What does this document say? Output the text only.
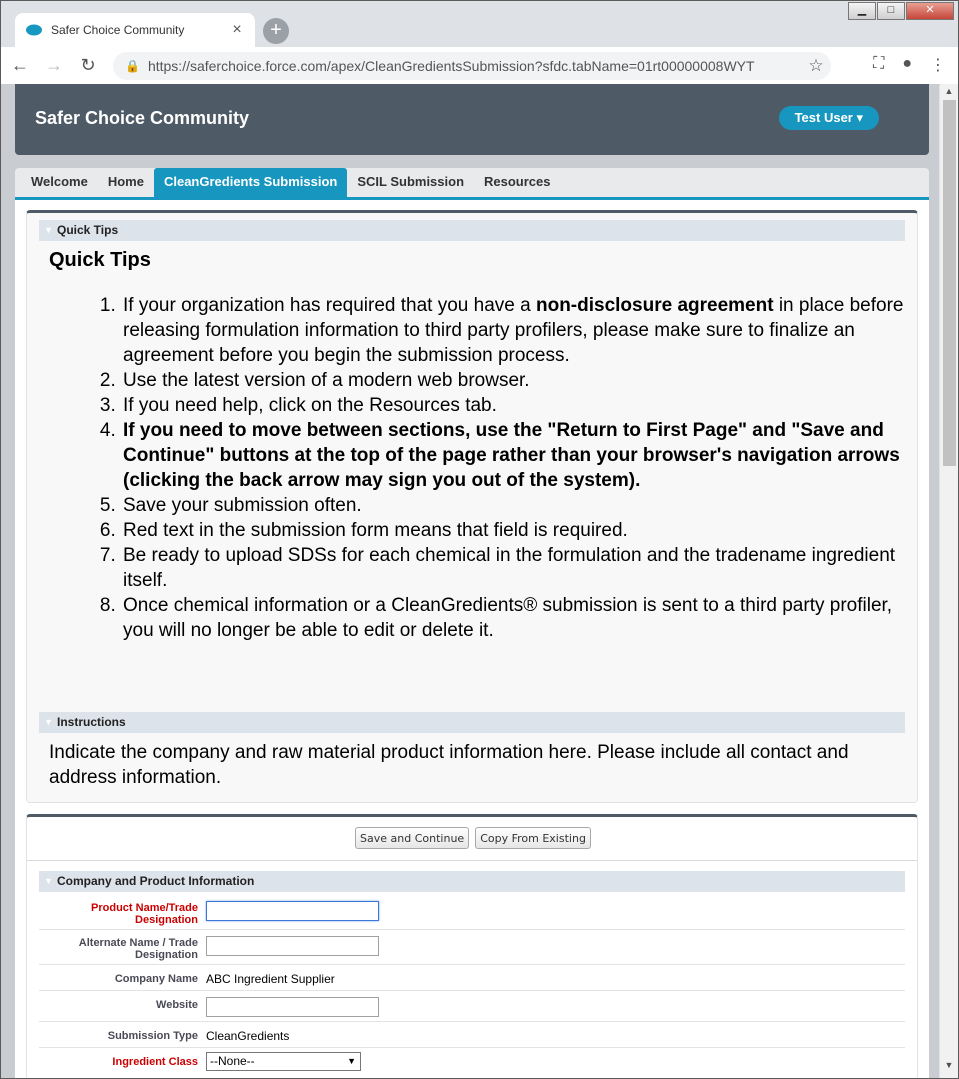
Safer Choice Community	×	+
▁	□	✕
← → ↻	🔒 https://saferchoice.force.com/apex/CleanGredientsSubmission?sfdc.tabName=01rt00000008WYT	☆	⛶ ● ⋮
Safer Choice Community	Test User ▾
Welcome	Home	CleanGredients Submission	SCIL Submission	Resources
▼ Quick Tips
Quick Tips
1. If your organization has required that you have a non-disclosure agreement in place before releasing formulation information to third party profilers, please make sure to finalize an agreement before you begin the submission process.
2. Use the latest version of a modern web browser.
3. If you need help, click on the Resources tab.
4. If you need to move between sections, use the "Return to First Page" and "Save and Continue" buttons at the top of the page rather than your browser's navigation arrows (clicking the back arrow may sign you out of the system).
5. Save your submission often.
6. Red text in the submission form means that field is required.
7. Be ready to upload SDSs for each chemical in the formulation and the tradename ingredient itself.
8. Once chemical information or a CleanGredients® submission is sent to a third party profiler, you will no longer be able to edit or delete it.
▼ Instructions
Indicate the company and raw material product information here. Please include all contact and address information.
Save and Continue	Copy From Existing
▼ Company and Product Information
Product Name/Trade Designation
Alternate Name / Trade Designation
Company Name ABC Ingredient Supplier
Website
Submission Type CleanGredients
Ingredient Class	--None--	▼
▲
▼
